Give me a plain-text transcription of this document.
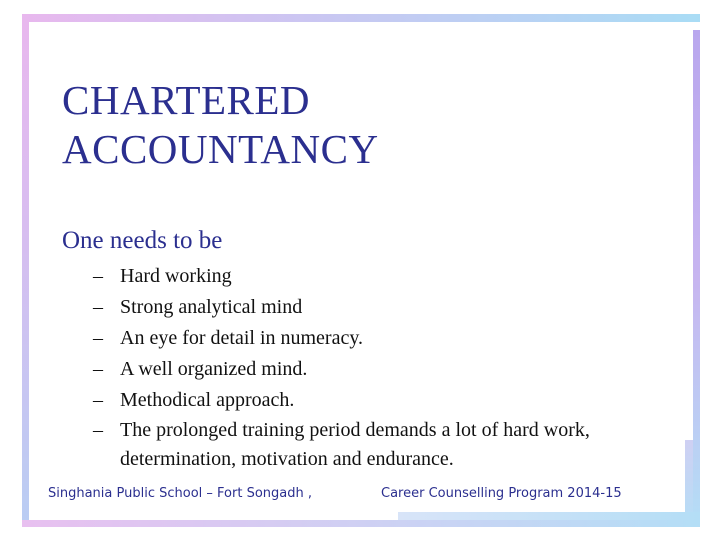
CHARTERED ACCOUNTANCY

One needs to be

– Hard working
– Strong analytical mind
– An eye for detail in numeracy.
– A well organized mind.
– Methodical approach.
– The prolonged training period demands a lot of hard work, determination, motivation and endurance.
Singhania Public School – Fort Songadh ,	Career Counselling Program 2014-15
